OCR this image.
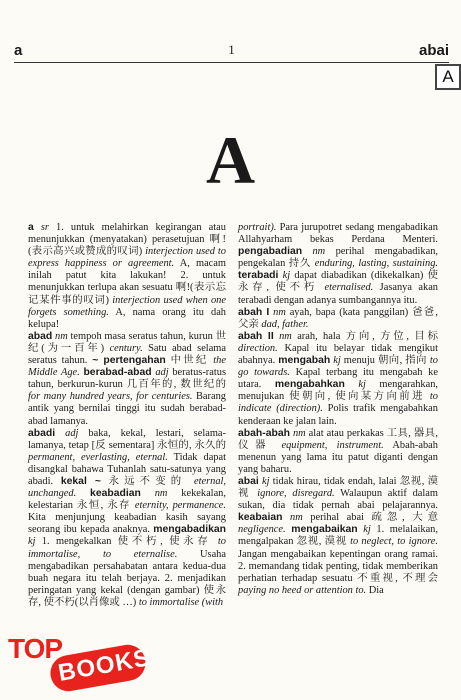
a	1	abai
A
A

a sr 1. untuk melahirkan kegirangan atau menunjukkan (menyatakan) perasetujuan 啊!(表示高兴或赞成的叹词) interjection used to express happiness or agreement. A, macam inilah patut kita lakukan! 2. untuk menunjukkan terlupa akan sesuatu 啊!(表示忘记某件事的叹词) interjection used when one forgets something. A, nama orang itu dah kelupa!

abad nm tempoh masa seratus tahun, kurun 世纪(为一百年) century. Satu abad selama seratus tahun. ~ pertengahan 中世纪 the Middle Age. berabad-abad adj beratus-ratus tahun, berkurun-kurun 几百年的, 数世纪的 for many hundred years, for centuries. Barang antik yang bernilai tinggi itu sudah berabad-abad lamanya.

abadi adj baka, kekal, lestari, selama-lamanya, tetap [反 sementara] 永恒的, 永久的 permanent, everlasting, eternal. Tidak dapat disangkal bahawa Tuhanlah satu-satunya yang abadi. kekal ~ 永远不变的 eternal, unchanged. keabadian nm kekekalan, kelestarian 永恒, 永存 eternity, permanence. Kita menjunjung keabadian kasih sayang seorang ibu kepada anaknya. mengabadikan kj 1. mengekalkan 使不朽, 使永存 to immortalise, to eternalise. Usaha mengabadikan persahabatan antara kedua-dua buah negara itu telah berjaya. 2. menjadikan peringatan yang kekal (dengan gambar) 使永存, 使不朽(以肖像或 …) to immortalise (with

portrait). Para jurupotret sedang mengabadikan Allahyarham bekas Perdana Menteri. pengabadian nm perihal mengabadikan, pengekalan 持久 enduring, lasting, sustaining. terabadi kj dapat diabadikan (dikekalkan) 使永存, 使不朽 eternalised. Jasanya akan terabadi dengan adanya sumbangannya itu.

abah I nm ayah, bapa (kata panggilan) 爸爸, 父亲 dad, father.

abah II nm arah, hala 方向, 方位, 目标 direction. Kapal itu belayar tidak mengikut abahnya. mengabah kj menuju 朝向, 指向 to go towards. Kapal terbang itu mengabah ke utara. mengabahkan kj mengarahkan, menujukan 使朝向, 使向某方向前进 to indicate (direction). Polis trafik mengabahkan kenderaan ke jalan lain.

abah-abah nm alat atau perkakas 工具, 器具, 仪器 equipment, instrument. Abah-abah menenun yang lama itu patut diganti dengan yang baharu.

abai kj tidak hirau, tidak endah, lalai 忽视, 漠视 ignore, disregard. Walaupun aktif dalam sukan, dia tidak pernah abai pelajarannya. keabaian nm perihal abai 疏忽, 大意 negligence. mengabaikan kj 1. melalaikan, mengalpakan 忽视, 漠视 to neglect, to ignore. Jangan mengabaikan kepentingan orang ramai. 2. memandang tidak penting, tidak memberikan perhatian terhadap sesuatu 不重视, 不理会 paying no heed or attention to. Dia

TOP
BOOKS
